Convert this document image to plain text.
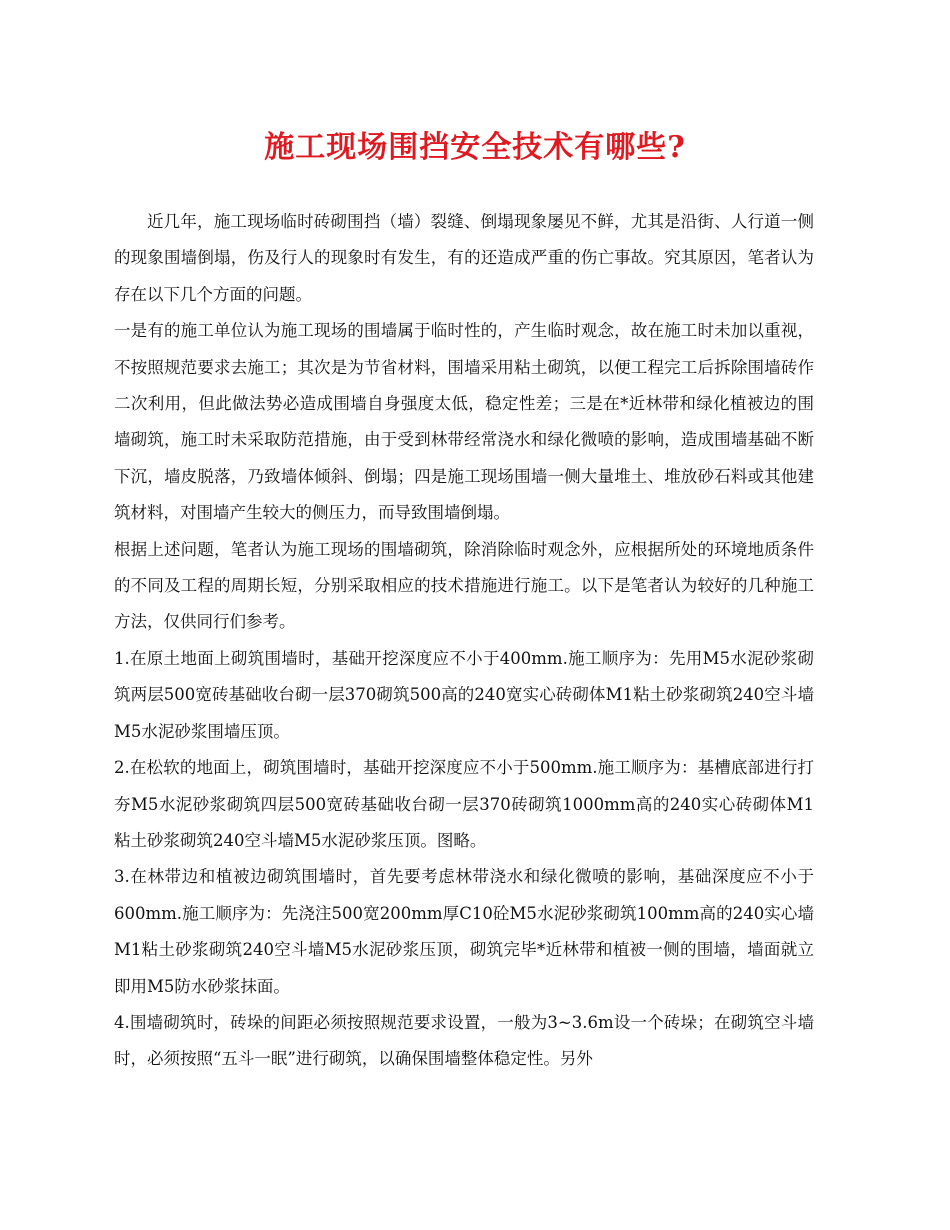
施工现场围挡安全技术有哪些?

近几年，施工现场临时砖砌围挡（墙）裂缝、倒塌现象屡见不鲜，尤其是沿街、人行道一侧的现象围墙倒塌，伤及行人的现象时有发生，有的还造成严重的伤亡事故。究其原因，笔者认为存在以下几个方面的问题。

一是有的施工单位认为施工现场的围墙属于临时性的，产生临时观念，故在施工时未加以重视，不按照规范要求去施工；其次是为节省材料，围墙采用粘土砌筑，以便工程完工后拆除围墙砖作二次利用，但此做法势必造成围墙自身强度太低，稳定性差；三是在*近林带和绿化植被边的围墙砌筑，施工时未采取防范措施，由于受到林带经常浇水和绿化微喷的影响，造成围墙基础不断下沉，墙皮脱落，乃致墙体倾斜、倒塌；四是施工现场围墙一侧大量堆土、堆放砂石料或其他建筑材料，对围墙产生较大的侧压力，而导致围墙倒塌。

根据上述问题，笔者认为施工现场的围墙砌筑，除消除临时观念外，应根据所处的环境地质条件的不同及工程的周期长短，分别采取相应的技术措施进行施工。以下是笔者认为较好的几种施工方法，仅供同行们参考。

1.在原土地面上砌筑围墙时，基础开挖深度应不小于400mm.施工顺序为：先用M5水泥砂浆砌筑两层500宽砖基础收台砌一层370砌筑500高的240宽实心砖砌体M1粘土砂浆砌筑240空斗墙M5水泥砂浆围墙压顶。

2.在松软的地面上，砌筑围墙时，基础开挖深度应不小于500mm.施工顺序为：基槽底部进行打夯M5水泥砂浆砌筑四层500宽砖基础收台砌一层370砖砌筑1000mm高的240实心砖砌体M1粘土砂浆砌筑240空斗墙M5水泥砂浆压顶。图略。

3.在林带边和植被边砌筑围墙时，首先要考虑林带浇水和绿化微喷的影响，基础深度应不小于600mm.施工顺序为：先浇注500宽200mm厚C10砼M5水泥砂浆砌筑100mm高的240实心墙M1粘土砂浆砌筑240空斗墙M5水泥砂浆压顶，砌筑完毕*近林带和植被一侧的围墙，墙面就立即用M5防水砂浆抹面。

4.围墙砌筑时，砖垛的间距必须按照规范要求设置，一般为3~3.6m设一个砖垛；在砌筑空斗墙时，必须按照“五斗一眠”进行砌筑，以确保围墙整体稳定性。另外
